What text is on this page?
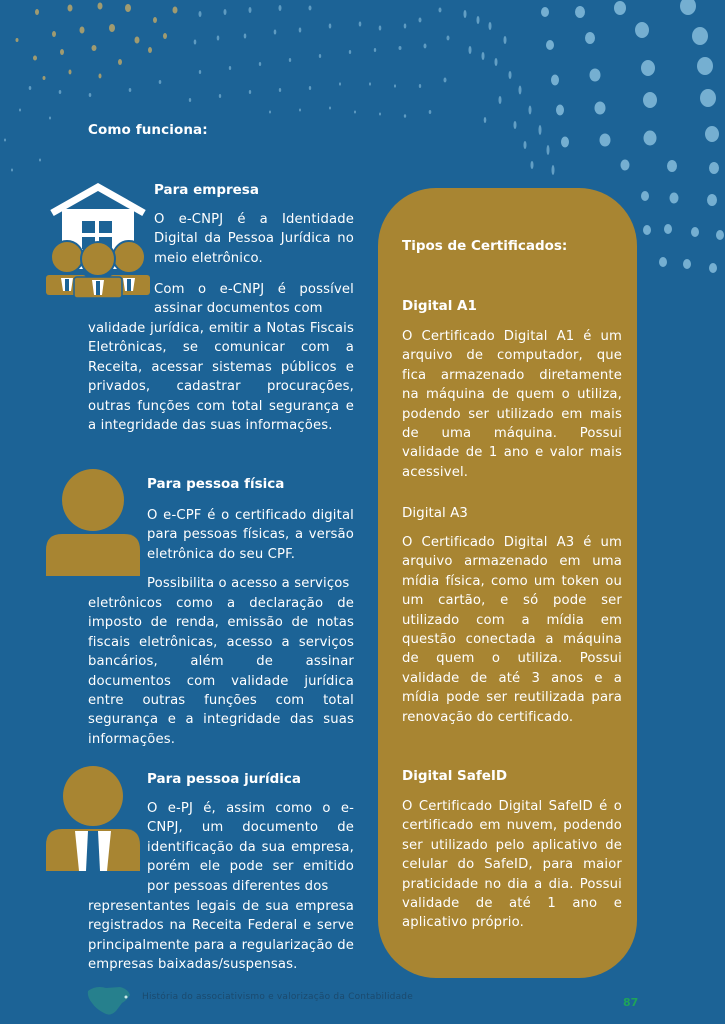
Como funciona:
Para empresa
O e-CNPJ é a Identidade Digital da Pessoa Jurídica no meio eletrônico.
Com o e-CNPJ é possível assinar documentos com
validade jurídica, emitir a Notas Fiscais Eletrônicas, se comunicar com a Receita, acessar sistemas públicos e privados, cadastrar procurações, outras funções com total segurança e a integridade das suas informações.
Para pessoa física
O e-CPF é o certificado digital para pessoas físicas, a versão eletrônica do seu CPF.
Possibilita o acesso a serviços
eletrônicos como a declaração de imposto de renda, emissão de notas fiscais eletrônicas, acesso a serviços bancários, além de assinar documentos com validade jurídica entre outras funções com total segurança e a integridade das suas informações.
Para pessoa jurídica
O e-PJ é, assim como o e-CNPJ, um documento de identificação da sua empresa, porém ele pode ser emitido por pessoas diferentes dos
representantes legais de sua empresa registrados na Receita Federal e serve principalmente para a regularização de empresas baixadas/suspensas.
Tipos de Certificados:
Digital A1
O Certificado Digital A1 é um arquivo de computador, que fica armazenado diretamente na máquina de quem o utiliza, podendo ser utilizado em mais de uma máquina. Possui validade de 1 ano e valor mais acessivel.
Digital A3
O Certificado Digital A3 é um arquivo armazenado em uma mídia física, como um token ou um cartão, e só pode ser utilizado com a mídia em questão conectada a máquina de quem o utiliza. Possui validade de até 3 anos e a mídia pode ser reutilizada para renovação do certificado.
Digital SafeID
O Certificado Digital SafeID é o certificado em nuvem, podendo ser utilizado pelo aplicativo de celular do SafeID, para maior praticidade no dia a dia. Possui validade de até 1 ano e aplicativo próprio.
História do associativismo e valorização da Contabilidade	87
